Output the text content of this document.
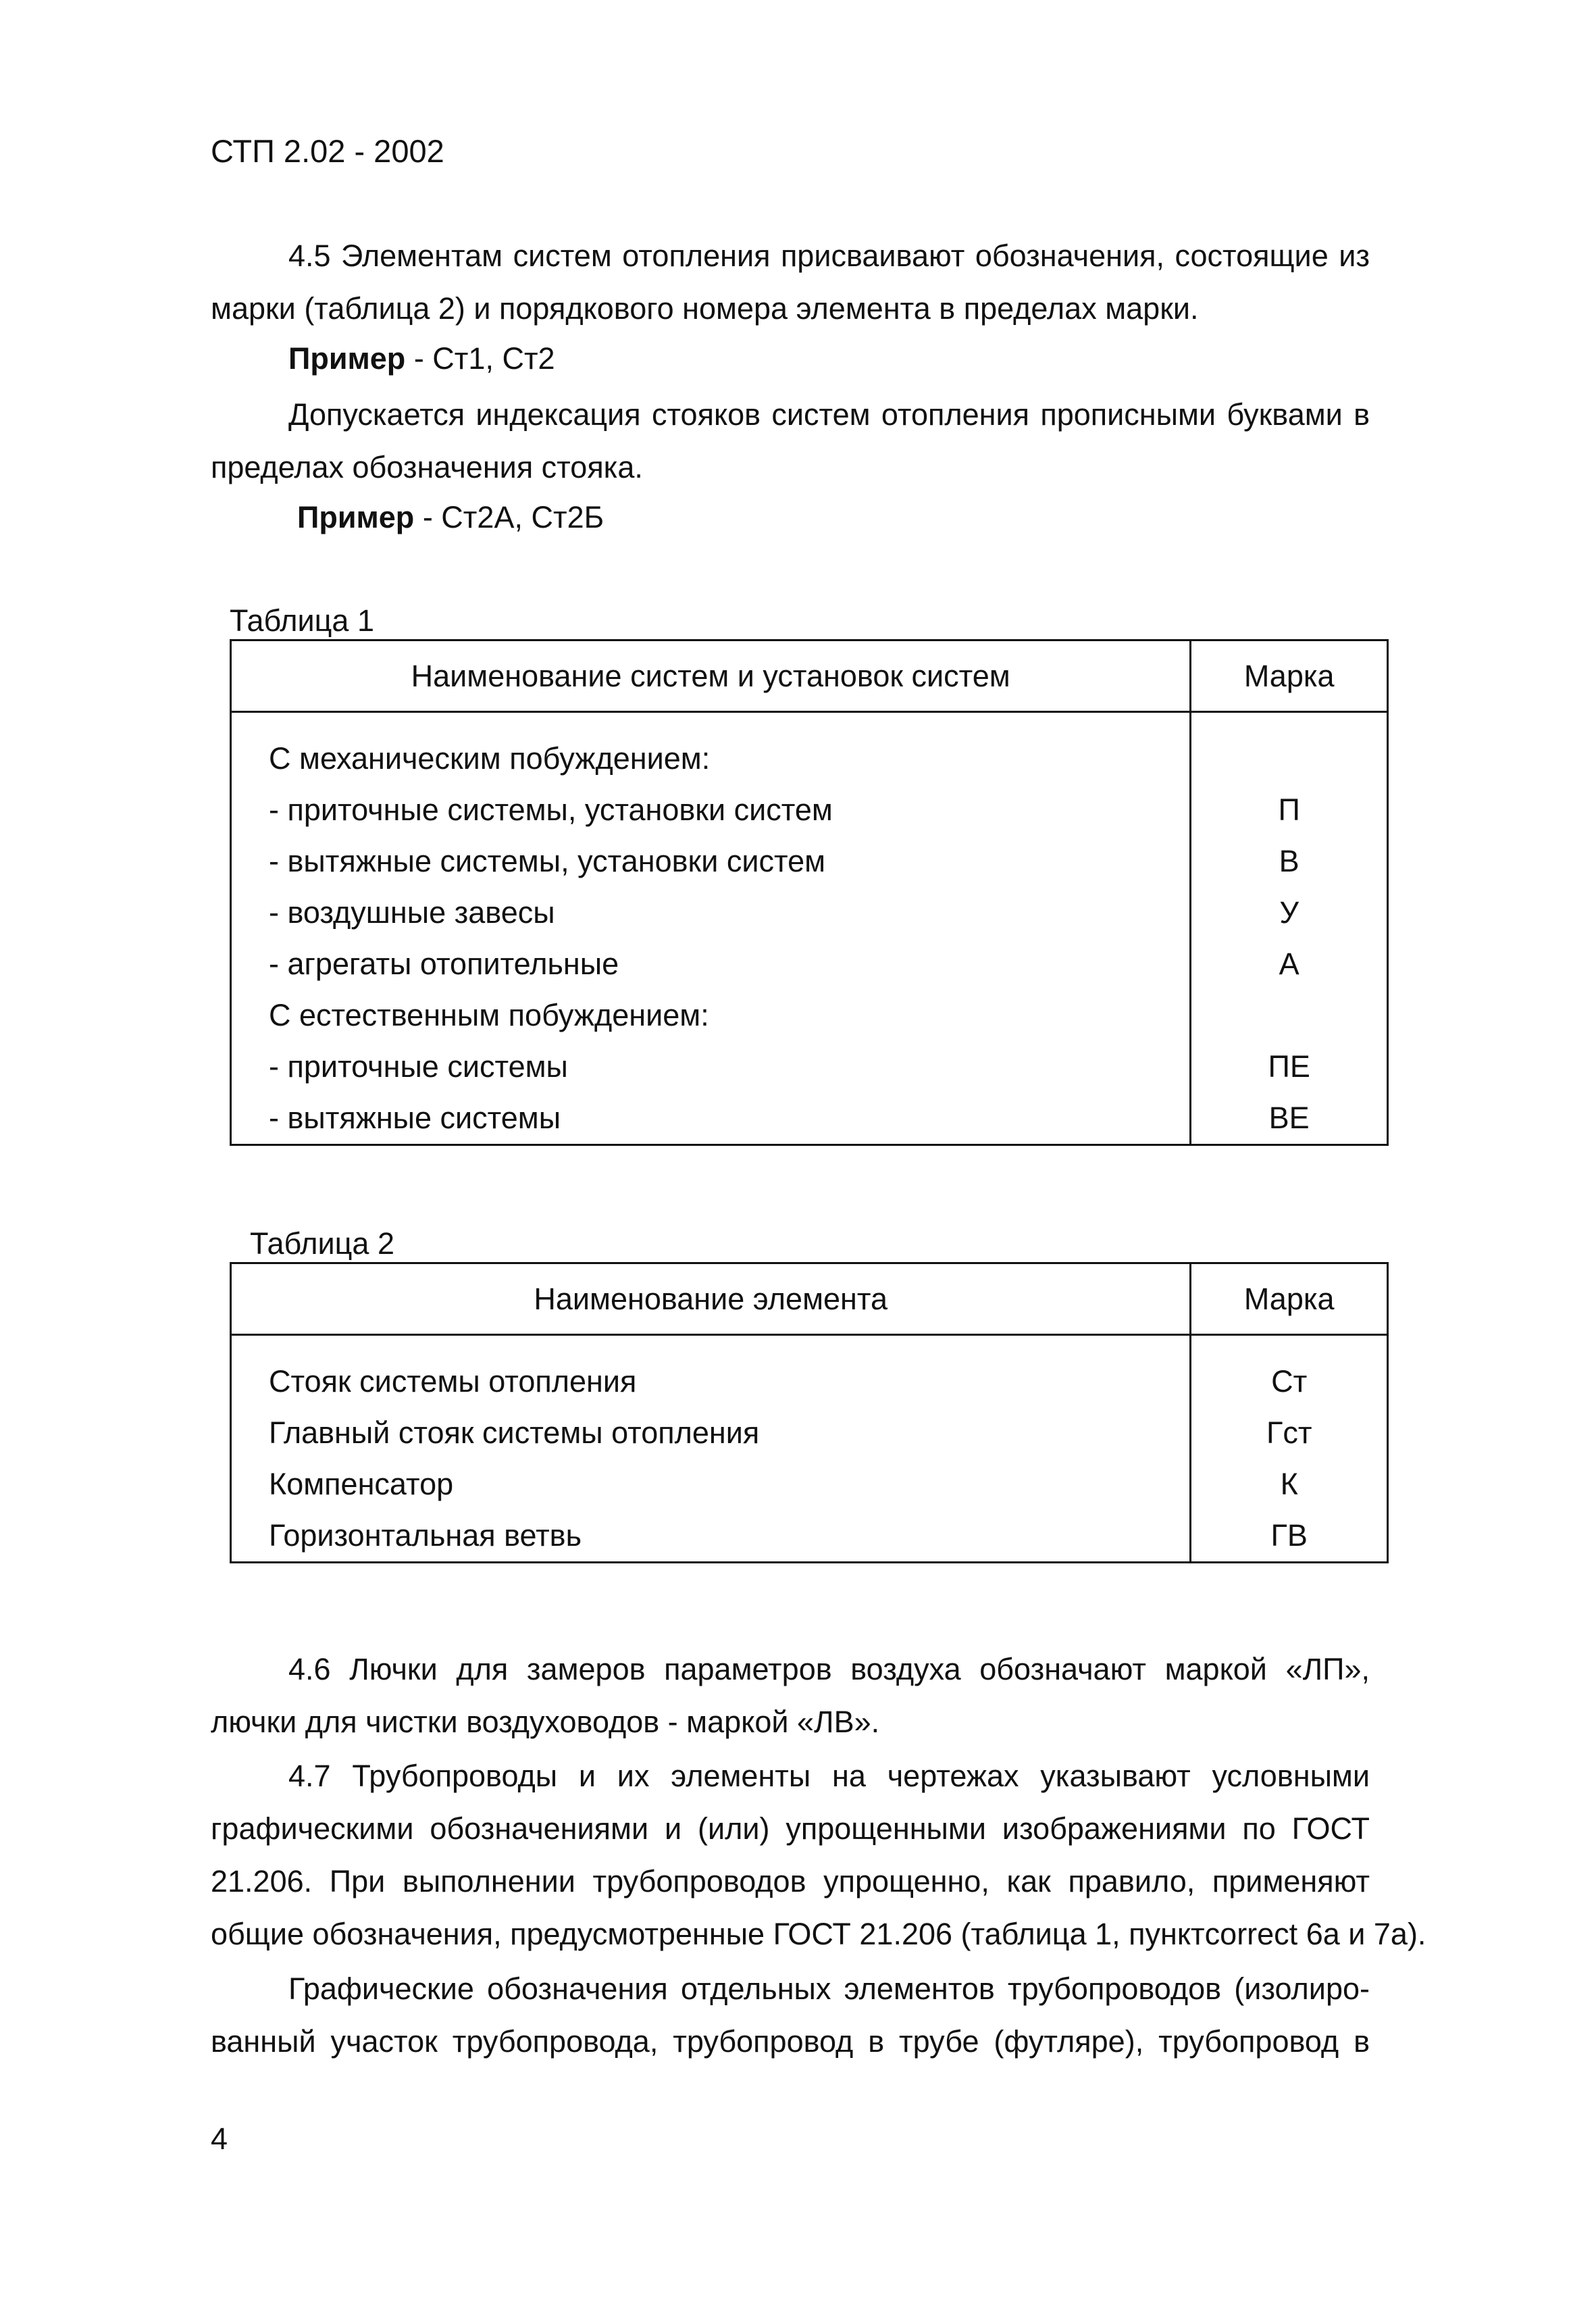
СТП 2.02 - 2002
4.5 Элементам систем отопления присваивают обозначения, состоящие из
марки (таблица 2) и порядкового номера элемента в пределах марки.
Пример - Ст1, Ст2
Допускается индексация стояков систем отопления прописными буквами в
пределах обозначения стояка.
Пример - Ст2А, Ст2Б
Таблица 1
Наименование систем и установок систем	Марка
С механическим побуждением:	
- приточные системы, установки систем	П
- вытяжные системы, установки систем	В
- воздушные завесы	У
- агрегаты отопительные	А
С естественным побуждением:	
- приточные системы	ПЕ
- вытяжные системы	ВЕ
Таблица 2
Наименование элемента	Марка
Стояк системы отопления	Ст
Главный стояк системы отопления	Гст
Компенсатор	К
Горизонтальная ветвь	ГВ
4.6 Лючки для замеров параметров воздуха обозначают маркой «ЛП»,
лючки для чистки воздуховодов - маркой «ЛВ».
4.7 Трубопроводы и их элементы на чертежах указывают условными
графическими обозначениями и (или) упрощенными изображениями по ГОСТ
21.206. При выполнении трубопроводов упрощенно, как правило, применяют
общие обозначения, предусмотренные ГОСТ 21.206 (таблица 1, пунктcorrect 6а и 7а).
Графические обозначения отдельных элементов трубопроводов (изолиро-
ванный участок трубопровода, трубопровод в трубе (футляре), трубопровод в
4
